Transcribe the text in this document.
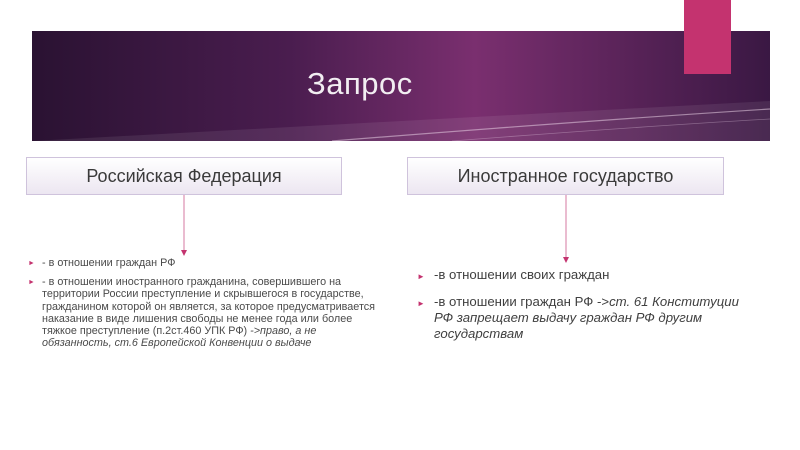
Запрос
Российская Федерация	Иностранное государство
► - в отношении граждан РФ
► - в отношении иностранного гражданина, совершившего на территории России преступление и скрывшегося в государстве, гражданином которой он является, за которое предусматривается наказание в виде лишения свободы не менее года или более тяжкое преступление (п.2ст.460 УПК РФ) ->право, а не обязанность, ст.6 Европейской Конвенции о выдаче
► -в отношении своих граждан
► -в отношении граждан РФ ->ст. 61 Конституции РФ запрещает выдачу граждан РФ другим государствам
